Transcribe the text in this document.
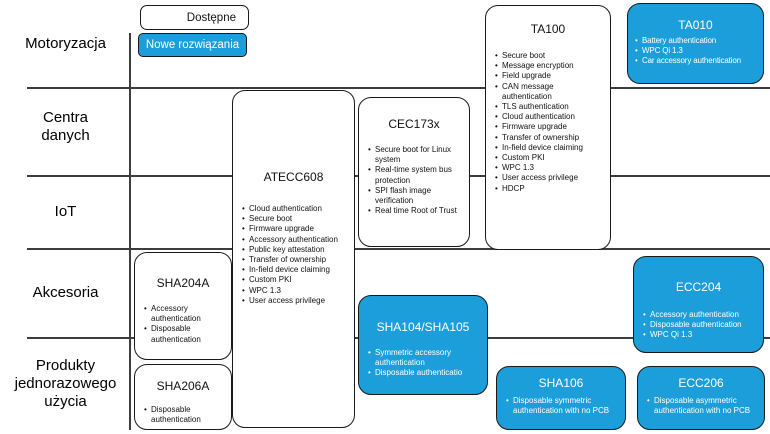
Motoryzacja
Centra danych
IoT
Akcesoria
Produkty jednorazowego użycia
Dostępne
Nowe rozwiązania
SHA204A
• Accessory authentication
• Disposable authentication
SHA206A
• Disposable authentication
ATECC608
• Cloud authentication
• Secure boot
• Firmware upgrade
• Accessory authentication
• Public key attestation
• Transfer of ownership
• In-field device claiming
• Custom PKI
• WPC 1.3
• User access privilege
CEC173x
• Secure boot for Linux system
• Real-time system bus protection
• SPI flash image verification
• Real time Root of Trust
TA100
• Secure boot
• Message encryption
• Field upgrade
• CAN message authentication
• TLS authentication
• Cloud authentication
• Firmware upgrade
• Transfer of ownership
• In-field device claiming
• Custom PKI
• WPC 1.3
• User access privilege
• HDCP
TA010
• Battery authentication
• WPC Qi 1.3
• Car accessory authentication
SHA104/SHA105
• Symmetric accessory authentication
• Disposable authenticatio
ECC204
• Accessory authentication
• Disposable authentication
• WPC Qi 1.3
SHA106
• Disposable symmetric authentication with no PCB
ECC206
• Disposable asymmetric authentication with no PCB
